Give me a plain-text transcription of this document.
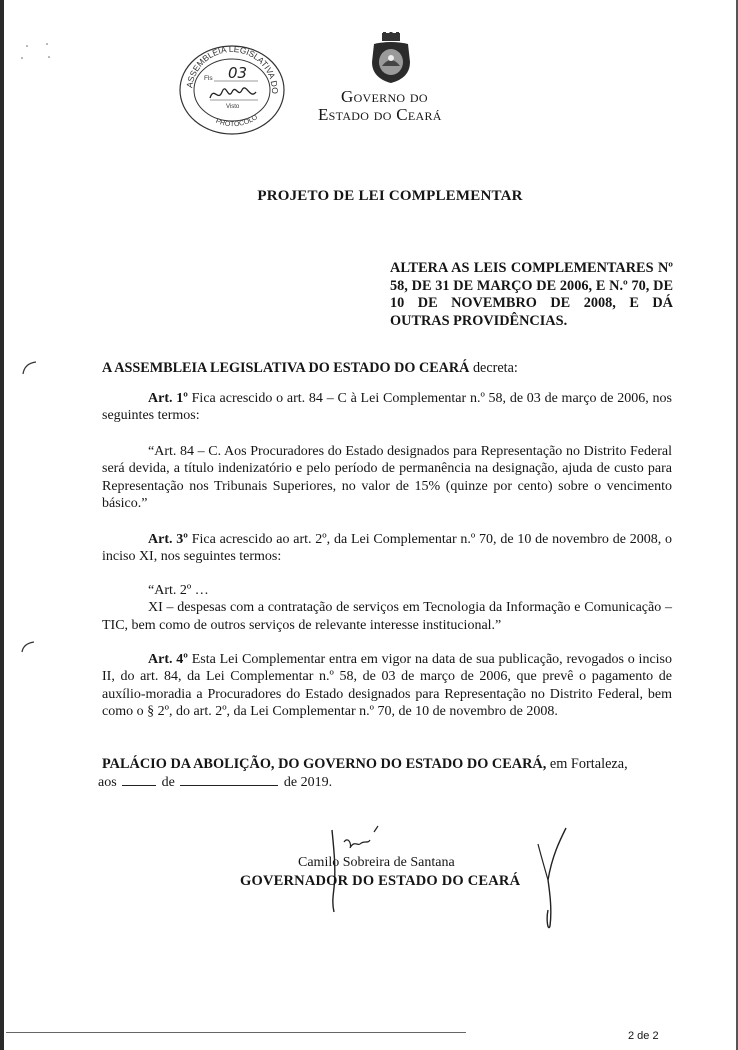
ASSEMBLEIA LEGISLATIVA DO
PROTOCOLO
Fls 03
Visto
Governo do
Estado do Ceará
PROJETO DE LEI COMPLEMENTAR
ALTERA AS LEIS COMPLEMENTARES Nº 58, DE 31 DE MARÇO DE 2006, E N.º 70, DE 10 DE NOVEMBRO DE 2008, E DÁ OUTRAS PROVIDÊNCIAS.

A ASSEMBLEIA LEGISLATIVA DO ESTADO DO CEARÁ decreta:

Art. 1º Fica acrescido o art. 84 – C à Lei Complementar n.º 58, de 03 de março de 2006, nos seguintes termos:

“Art. 84 – C. Aos Procuradores do Estado designados para Representação no Distrito Federal será devida, a título indenizatório e pelo período de permanência na designação, ajuda de custo para Representação nos Tribunais Superiores, no valor de 15% (quinze por cento) sobre o vencimento básico.”

Art. 3º Fica acrescido ao art. 2º, da Lei Complementar n.º 70, de 10 de novembro de 2008, o inciso XI, nos seguintes termos:

“Art. 2º …

XI – despesas com a contratação de serviços em Tecnologia da Informação e Comunicação – TIC, bem como de outros serviços de relevante interesse institucional.”

Art. 4º Esta Lei Complementar entra em vigor na data de sua publicação, revogados o inciso II, do art. 84, da Lei Complementar n.º 58, de 03 de março de 2006, que prevê o pagamento de auxílio-moradia a Procuradores do Estado designados para Representação no Distrito Federal, bem como o § 2º, do art. 2º, da Lei Complementar n.º 70, de 10 de novembro de 2008.

PALÁCIO DA ABOLIÇÃO, DO GOVERNO DO ESTADO DO CEARÁ, em Fortaleza,

aos	de	de 2019.

Camilo Sobreira de Santana
GOVERNADOR DO ESTADO DO CEARÁ
2 de 2
